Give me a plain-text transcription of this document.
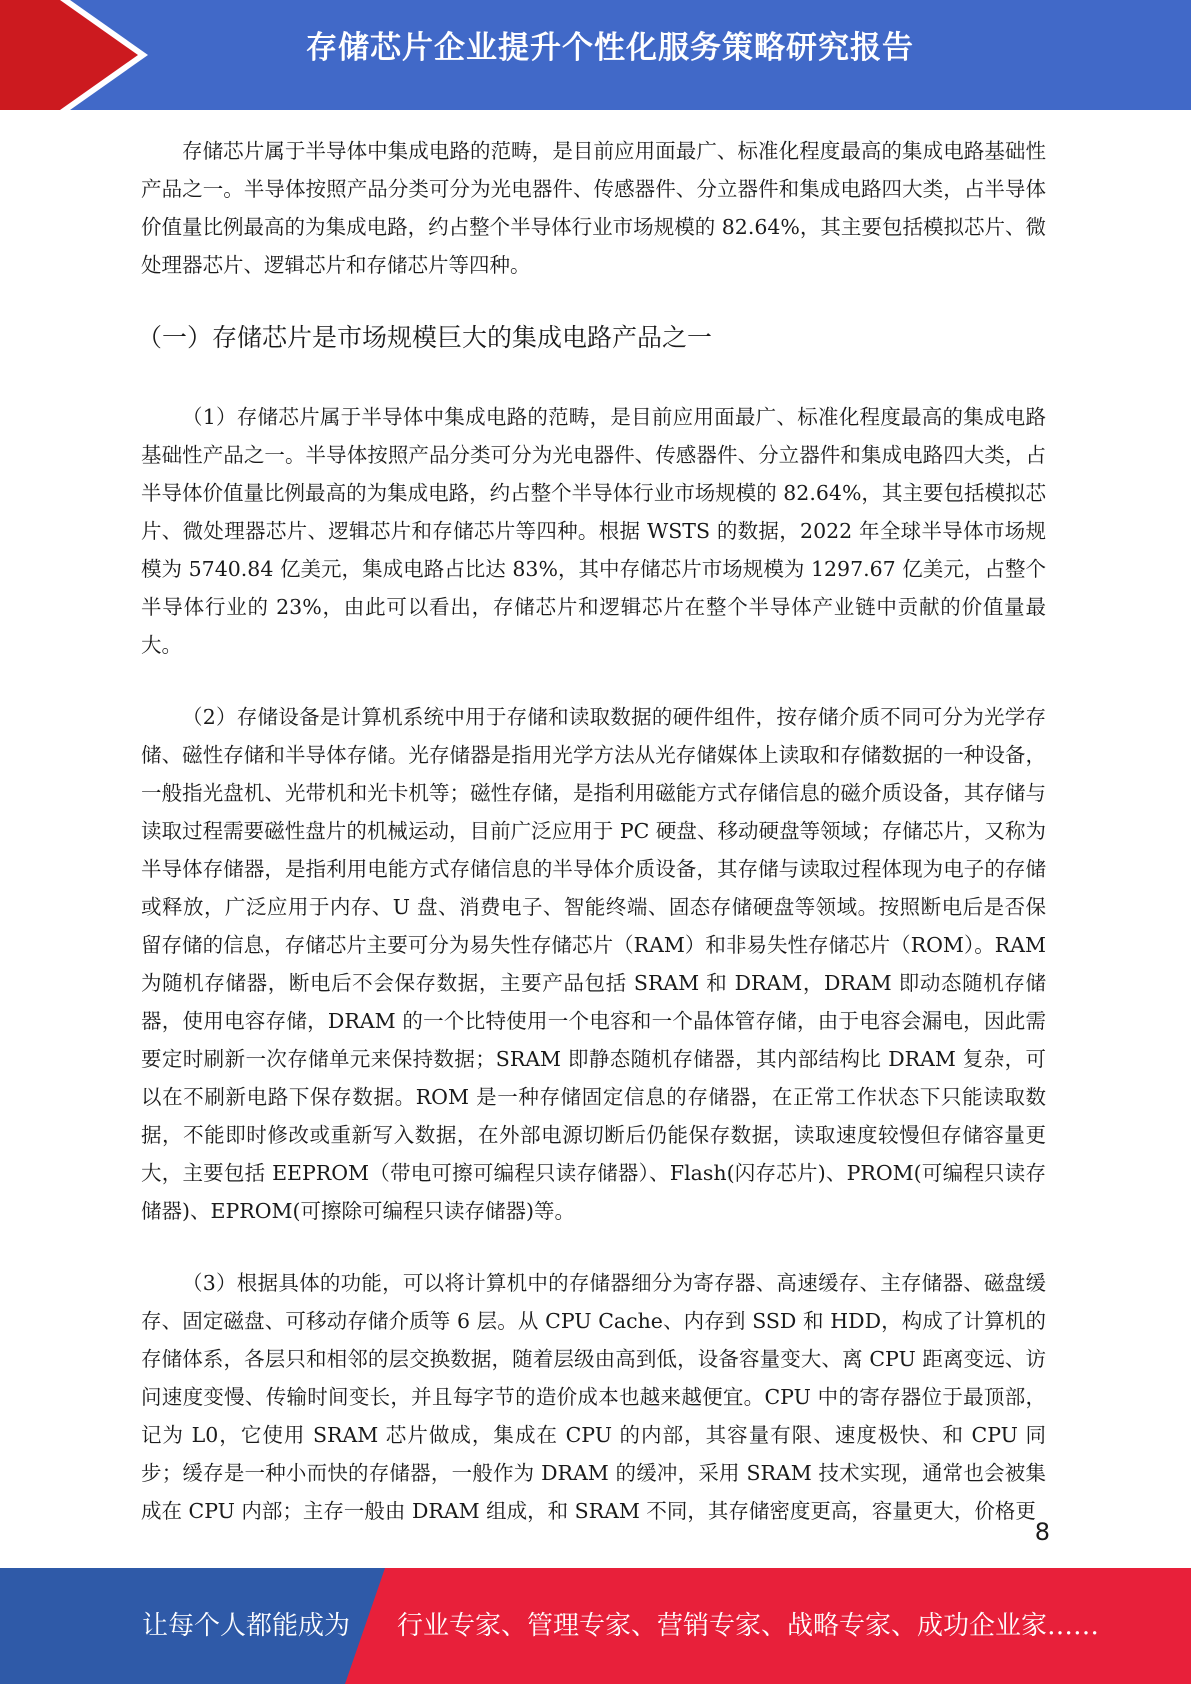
存储芯片企业提升个性化服务策略研究报告

存储芯片属于半导体中集成电路的范畴，是目前应用面最广、标准化程度最高的集成电路基础性产品之一。半导体按照产品分类可分为光电器件、传感器件、分立器件和集成电路四大类，占半导体价值量比例最高的为集成电路，约占整个半导体行业市场规模的 82.64%，其主要包括模拟芯片、微处理器芯片、逻辑芯片和存储芯片等四种。

（一）存储芯片是市场规模巨大的集成电路产品之一

（1）存储芯片属于半导体中集成电路的范畴，是目前应用面最广、标准化程度最高的集成电路基础性产品之一。半导体按照产品分类可分为光电器件、传感器件、分立器件和集成电路四大类，占半导体价值量比例最高的为集成电路，约占整个半导体行业市场规模的 82.64%，其主要包括模拟芯片、微处理器芯片、逻辑芯片和存储芯片等四种。根据 WSTS 的数据，2022 年全球半导体市场规模为 5740.84 亿美元，集成电路占比达 83%，其中存储芯片市场规模为 1297.67 亿美元，占整个半导体行业的 23%，由此可以看出，存储芯片和逻辑芯片在整个半导体产业链中贡献的价值量最大。

（2）存储设备是计算机系统中用于存储和读取数据的硬件组件，按存储介质不同可分为光学存储、磁性存储和半导体存储。光存储器是指用光学方法从光存储媒体上读取和存储数据的一种设备，一般指光盘机、光带机和光卡机等；磁性存储，是指利用磁能方式存储信息的磁介质设备，其存储与读取过程需要磁性盘片的机械运动，目前广泛应用于 PC 硬盘、移动硬盘等领域；存储芯片，又称为半导体存储器，是指利用电能方式存储信息的半导体介质设备，其存储与读取过程体现为电子的存储或释放，广泛应用于内存、U 盘、消费电子、智能终端、固态存储硬盘等领域。按照断电后是否保留存储的信息，存储芯片主要可分为易失性存储芯片（RAM）和非易失性存储芯片（ROM）。RAM 为随机存储器，断电后不会保存数据，主要产品包括 SRAM 和 DRAM，DRAM 即动态随机存储器，使用电容存储，DRAM 的一个比特使用一个电容和一个晶体管存储，由于电容会漏电，因此需要定时刷新一次存储单元来保持数据；SRAM 即静态随机存储器，其内部结构比 DRAM 复杂，可以在不刷新电路下保存数据。ROM 是一种存储固定信息的存储器，在正常工作状态下只能读取数据，不能即时修改或重新写入数据，在外部电源切断后仍能保存数据，读取速度较慢但存储容量更大，主要包括 EEPROM（带电可擦可编程只读存储器）、Flash(闪存芯片)、PROM(可编程只读存储器)、EPROM(可擦除可编程只读存储器)等。

（3）根据具体的功能，可以将计算机中的存储器细分为寄存器、高速缓存、主存储器、磁盘缓存、固定磁盘、可移动存储介质等 6 层。从 CPU Cache、内存到 SSD 和 HDD，构成了计算机的存储体系，各层只和相邻的层交换数据，随着层级由高到低，设备容量变大、离 CPU 距离变远、访问速度变慢、传输时间变长，并且每字节的造价成本也越来越便宜。CPU 中的寄存器位于最顶部，记为 L0，它使用 SRAM 芯片做成，集成在 CPU 的内部，其容量有限、速度极快、和 CPU 同步；缓存是一种小而快的存储器，一般作为 DRAM 的缓冲，采用 SRAM 技术实现，通常也会被集成在 CPU 内部；主存一般由 DRAM 组成，和 SRAM 不同，其存储密度更高，容量更大，价格更

8
让每个人都能成为 行业专家、管理专家、营销专家、战略专家、成功企业家……
